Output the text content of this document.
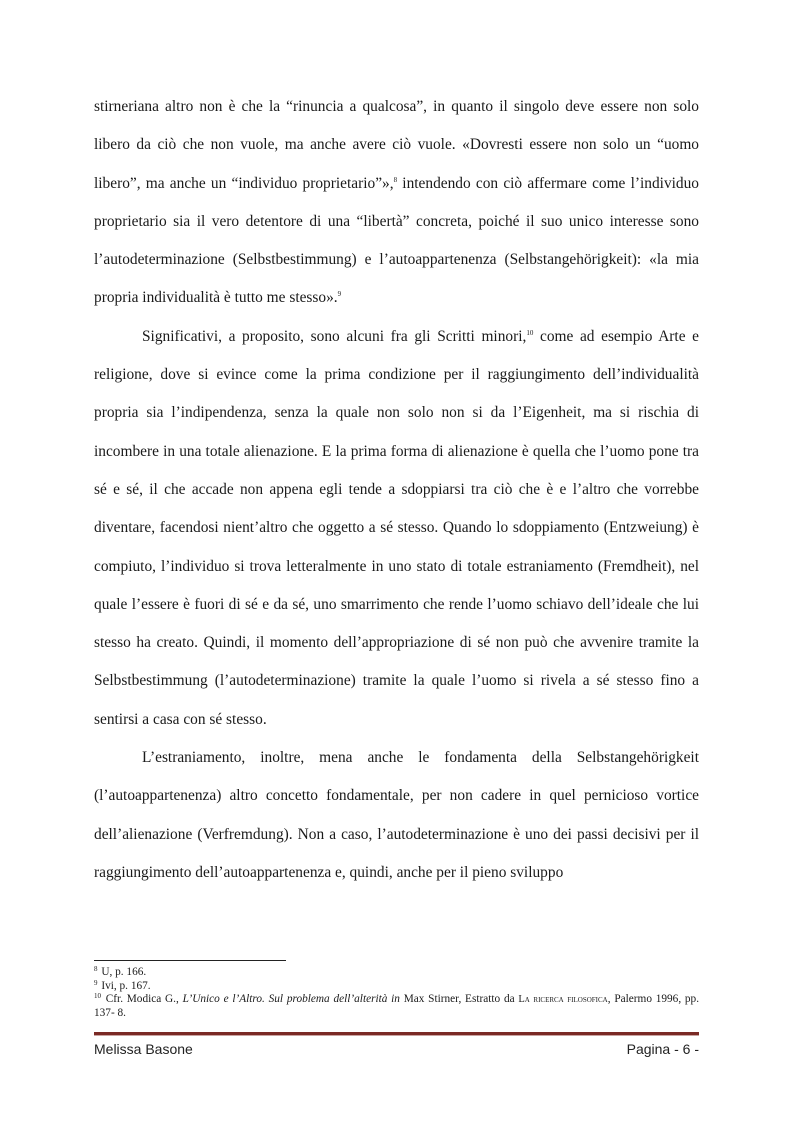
stirneriana altro non è che la “rinuncia a qualcosa”, in quanto il singolo deve essere non solo libero da ciò che non vuole, ma anche avere ciò vuole. «Dovresti essere non solo un “uomo libero”, ma anche un “individuo proprietario”»,$^8$ intendendo con ciò affermare come l’individuo proprietario sia il vero detentore di una “libertà” concreta, poiché il suo unico interesse sono l’autodeterminazione (Selbstbestimmung) e l’autoappartenenza (Selbstangehörigkeit): «la mia propria individualità è tutto me stesso».$^9$

Significativi, a proposito, sono alcuni fra gli Scritti minori,$^{10}$ come ad esempio Arte e religione, dove si evince come la prima condizione per il raggiungimento dell’individualità propria sia l’indipendenza, senza la quale non solo non si da l’Eigenheit, ma si rischia di incombere in una totale alienazione. E la prima forma di alienazione è quella che l’uomo pone tra sé e sé, il che accade non appena egli tende a sdoppiarsi tra ciò che è e l’altro che vorrebbe diventare, facendosi nient’altro che oggetto a sé stesso. Quando lo sdoppiamento (Entzweiung) è compiuto, l’individuo si trova letteralmente in uno stato di totale estraniamento (Fremdheit), nel quale l’essere è fuori di sé e da sé, uno smarrimento che rende l’uomo schiavo dell’ideale che lui stesso ha creato. Quindi, il momento dell’appropriazione di sé non può che avvenire tramite la Selbstbestimmung (l’autodeterminazione) tramite la quale l’uomo si rivela a sé stesso fino a sentirsi a casa con sé stesso.

L’estraniamento, inoltre, mena anche le fondamenta della Selbstangehörigkeit (l’autoappartenenza) altro concetto fondamentale, per non cadere in quel pernicioso vortice dell’alienazione (Verfremdung). Non a caso, l’autodeterminazione è uno dei passi decisivi per il raggiungimento dell’autoappartenenza e, quindi, anche per il pieno sviluppo

$^8$ U, p. 166.

$^9$ Ivi, p. 167.

$^{10}$ Cfr. Modica G., L’Unico e l’Altro. Sul problema dell’alterità in Max Stirner, Estratto da La ricerca filosofica, Palermo 1996, pp. 137- 8.

Melissa Basone	Pagina - 6 -
